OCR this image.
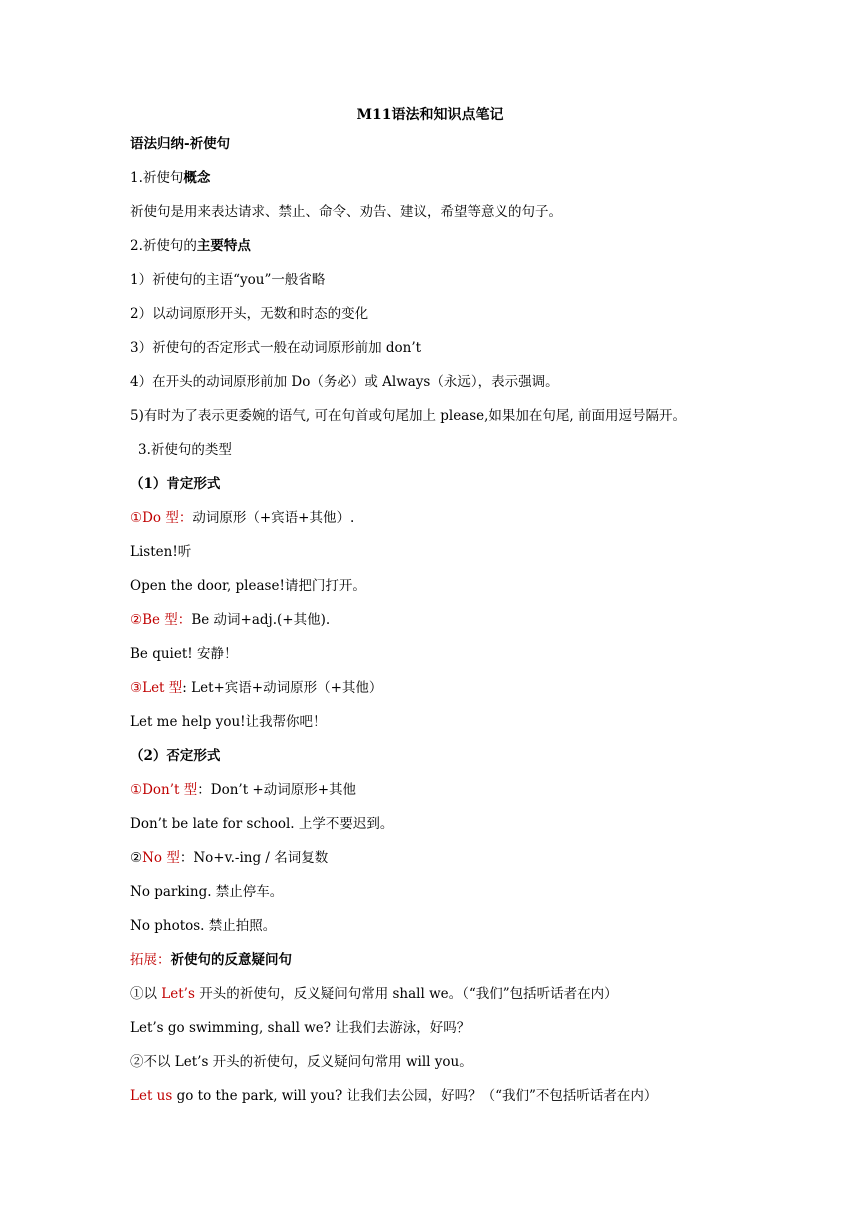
M11语法和知识点笔记
语法归纳-祈使句
1.祈使句概念
祈使句是用来表达请求、禁止、命令、劝告、建议，希望等意义的句子。
2.祈使句的主要特点
1）祈使句的主语“you”一般省略
2）以动词原形开头，无数和时态的变化
3）祈使句的否定形式一般在动词原形前加 don’t
4）在开头的动词原形前加 Do（务必）或 Always（永远），表示强调。
5)有时为了表示更委婉的语气, 可在句首或句尾加上 please,如果加在句尾, 前面用逗号隔开。
3.祈使句的类型
（1）肯定形式
①Do 型：动词原形（+宾语+其他）.
Listen!听
Open the door, please!请把门打开。
②Be 型：Be 动词+adj.(+其他).
Be quiet! 安静！
③Let 型: Let+宾语+动词原形（+其他）
Let me help you!让我帮你吧！
（2）否定形式
①Don’t 型：Don’t +动词原形+其他
Don’t be late for school. 上学不要迟到。
②No 型：No+v.-ing / 名词复数
No parking. 禁止停车。
No photos. 禁止拍照。
拓展：祈使句的反意疑问句
①以 Let’s 开头的祈使句，反义疑问句常用 shall we。（“我们”包括听话者在内）
Let’s go swimming, shall we? 让我们去游泳，好吗？
②不以 Let’s 开头的祈使句，反义疑问句常用 will you。
Let us go to the park, will you? 让我们去公园，好吗？（“我们”不包括听话者在内）
